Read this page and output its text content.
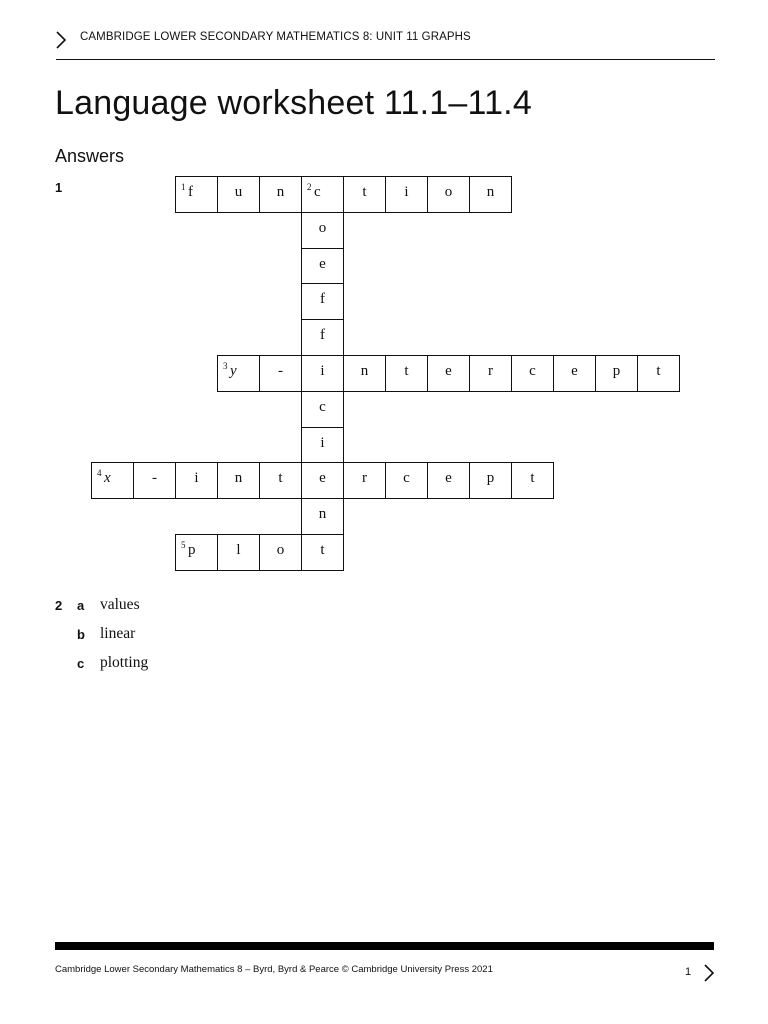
CAMBRIDGE LOWER SECONDARY MATHEMATICS 8: UNIT 11 GRAPHS
Language worksheet 11.1–11.4
Answers
1	1 f	u	n	2 c	t	i	o	n
o
e
f
f
3 y	-	i	n	t	e	r	c	e	p	t
c
i
4 x	-	i	n	t	e	r	c	e	p	t
n
5 p	l	o	t
2 a values
b linear
c plotting
Cambridge Lower Secondary Mathematics 8 – Byrd, Byrd & Pearce © Cambridge University Press 2021	1
